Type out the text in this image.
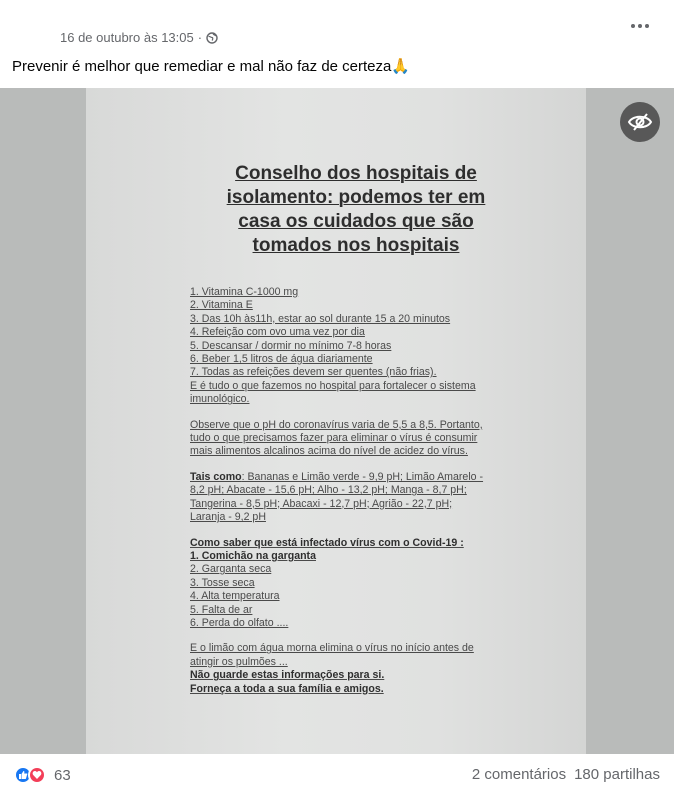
16 de outubro às 13:05 ·
Prevenir é melhor que remediar e mal não faz de certeza🙏
Conselho dos hospitais de
isolamento: podemos ter em
casa os cuidados que são
tomados nos hospitais
1. Vitamina C-1000 mg
2. Vitamina E
3. Das 10h às11h, estar ao sol durante 15 a 20 minutos
4. Refeição com ovo uma vez por dia
5. Descansar / dormir no mínimo 7-8 horas
6. Beber 1,5 litros de água diariamente
7. Todas as refeições devem ser quentes (não frias).
E é tudo o que fazemos no hospital para fortalecer o sistema
imunológico.
Observe que o pH do coronavírus varia de 5,5 a 8,5. Portanto,
tudo o que precisamos fazer para eliminar o vírus é consumir
mais alimentos alcalinos acima do nível de acidez do vírus.
Tais como: Bananas e Limão verde - 9,9 pH; Limão Amarelo -
8,2 pH; Abacate - 15,6 pH; Alho - 13,2 pH; Manga - 8,7 pH;
Tangerina - 8,5 pH; Abacaxi - 12,7 pH; Agrião - 22,7 pH;
Laranja - 9,2 pH
Como saber que está infectado vírus com o Covid-19 :
1. Comichão na garganta
2. Garganta seca
3. Tosse seca
4. Alta temperatura
5. Falta de ar
6. Perda do olfato ....
E o limão com água morna elimina o vírus no início antes de
atingir os pulmões ...
Não guarde estas informações para si.
Forneça a toda a sua família e amigos.
63	2 comentários 180 partilhas
